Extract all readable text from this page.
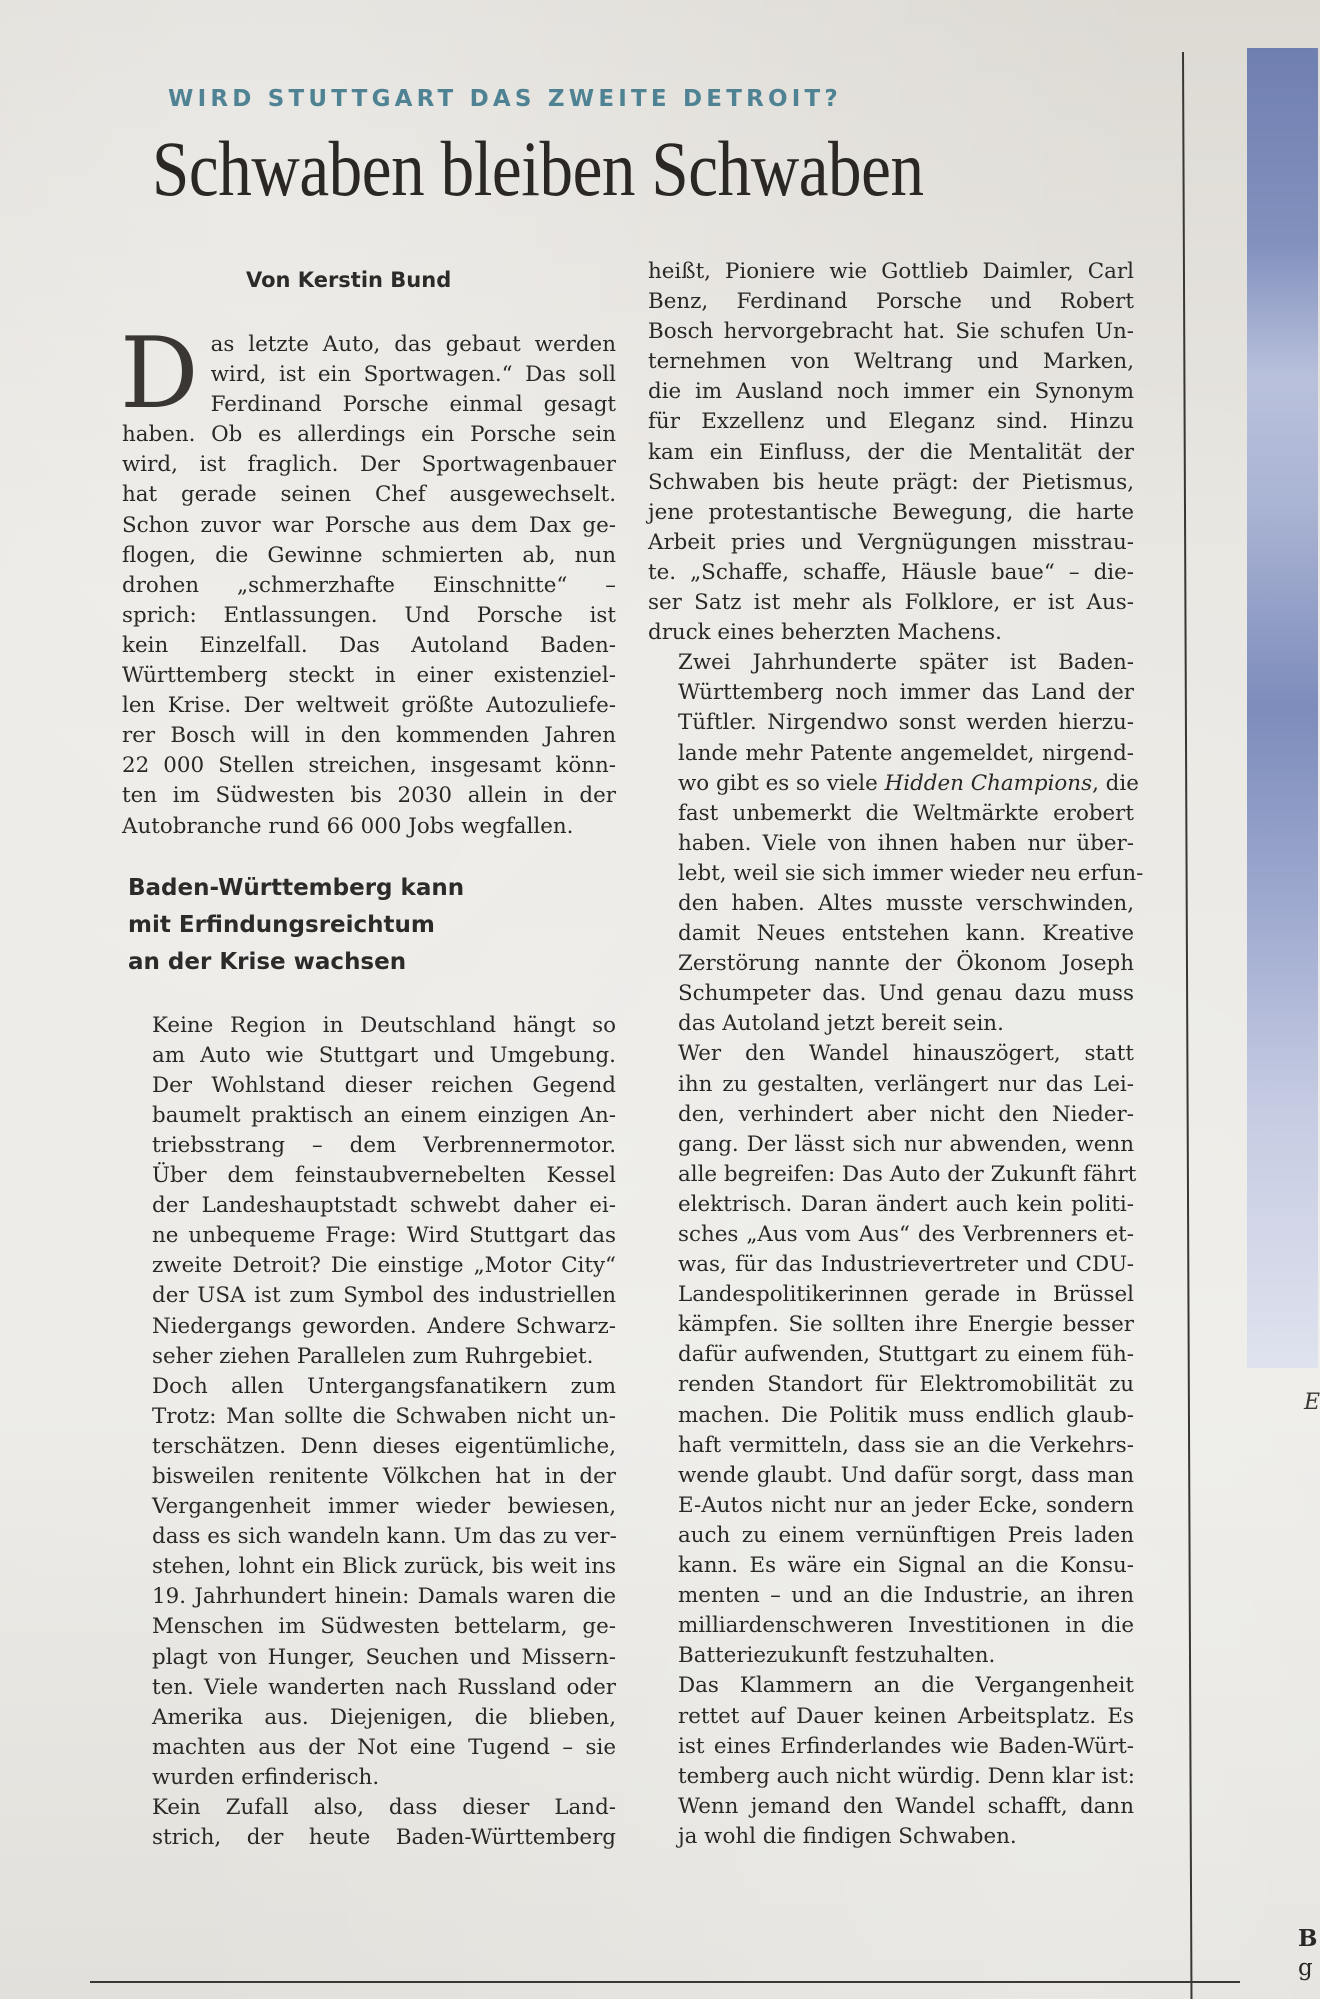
WIRD STUTTGART DAS ZWEITE DETROIT?
Schwaben bleiben Schwaben
Von Kerstin Bund

D as letzte Auto, das gebaut werden
wird, ist ein Sportwagen.“ Das soll
Ferdinand Porsche einmal gesagt
haben. Ob es allerdings ein Porsche sein
wird, ist fraglich. Der Sportwagenbauer
hat gerade seinen Chef ausgewechselt.
Schon zuvor war Porsche aus dem Dax ge-
flogen, die Gewinne schmierten ab, nun
drohen „schmerzhafte Einschnitte“ –
sprich: Entlassungen. Und Porsche ist
kein Einzelfall. Das Autoland Baden-
Württemberg steckt in einer existenziel-
len Krise. Der weltweit größte Autozuliefe-
rer Bosch will in den kommenden Jahren
22 000 Stellen streichen, insgesamt könn-
ten im Südwesten bis 2030 allein in der
Autobranche rund 66 000 Jobs wegfallen.

Baden-Württemberg kann
mit Erfindungsreichtum
an der Krise wachsen

Keine Region in Deutschland hängt so
am Auto wie Stuttgart und Umgebung.
Der Wohlstand dieser reichen Gegend
baumelt praktisch an einem einzigen An-
triebsstrang – dem Verbrennermotor.
Über dem feinstaubvernebelten Kessel
der Landeshauptstadt schwebt daher ei-
ne unbequeme Frage: Wird Stuttgart das
zweite Detroit? Die einstige „Motor City“
der USA ist zum Symbol des industriellen
Niedergangs geworden. Andere Schwarz-
seher ziehen Parallelen zum Ruhrgebiet.

Doch allen Untergangsfanatikern zum
Trotz: Man sollte die Schwaben nicht un-
terschätzen. Denn dieses eigentümliche,
bisweilen renitente Völkchen hat in der
Vergangenheit immer wieder bewiesen,
dass es sich wandeln kann. Um das zu ver-
stehen, lohnt ein Blick zurück, bis weit ins
19. Jahrhundert hinein: Damals waren die
Menschen im Südwesten bettelarm, ge-
plagt von Hunger, Seuchen und Missern-
ten. Viele wanderten nach Russland oder
Amerika aus. Diejenigen, die blieben,
machten aus der Not eine Tugend – sie
wurden erfinderisch.

Kein Zufall also, dass dieser Land-
strich, der heute Baden-Württemberg

heißt, Pioniere wie Gottlieb Daimler, Carl
Benz, Ferdinand Porsche und Robert
Bosch hervorgebracht hat. Sie schufen Un-
ternehmen von Weltrang und Marken,
die im Ausland noch immer ein Synonym
für Exzellenz und Eleganz sind. Hinzu
kam ein Einfluss, der die Mentalität der
Schwaben bis heute prägt: der Pietismus,
jene protestantische Bewegung, die harte
Arbeit pries und Vergnügungen misstrau-
te. „Schaffe, schaffe, Häusle baue“ – die-
ser Satz ist mehr als Folklore, er ist Aus-
druck eines beherzten Machens.

Zwei Jahrhunderte später ist Baden-
Württemberg noch immer das Land der
Tüftler. Nirgendwo sonst werden hierzu-
lande mehr Patente angemeldet, nirgend-
wo gibt es so viele Hidden Champions, die
fast unbemerkt die Weltmärkte erobert
haben. Viele von ihnen haben nur über-
lebt, weil sie sich immer wieder neu erfun-
den haben. Altes musste verschwinden,
damit Neues entstehen kann. Kreative
Zerstörung nannte der Ökonom Joseph
Schumpeter das. Und genau dazu muss
das Autoland jetzt bereit sein.

Wer den Wandel hinauszögert, statt
ihn zu gestalten, verlängert nur das Lei-
den, verhindert aber nicht den Nieder-
gang. Der lässt sich nur abwenden, wenn
alle begreifen: Das Auto der Zukunft fährt
elektrisch. Daran ändert auch kein politi-
sches „Aus vom Aus“ des Verbrenners et-
was, für das Industrievertreter und CDU-
Landespolitikerinnen gerade in Brüssel
kämpfen. Sie sollten ihre Energie besser
dafür aufwenden, Stuttgart zu einem füh-
renden Standort für Elektromobilität zu
machen. Die Politik muss endlich glaub-
haft vermitteln, dass sie an die Verkehrs-
wende glaubt. Und dafür sorgt, dass man
E-Autos nicht nur an jeder Ecke, sondern
auch zu einem vernünftigen Preis laden
kann. Es wäre ein Signal an die Konsu-
menten – und an die Industrie, an ihren
milliardenschweren Investitionen in die
Batteriezukunft festzuhalten.

Das Klammern an die Vergangenheit
rettet auf Dauer keinen Arbeitsplatz. Es
ist eines Erfinderlandes wie Baden-Würt-
temberg auch nicht würdig. Denn klar ist:
Wenn jemand den Wandel schafft, dann
ja wohl die findigen Schwaben.

E
B
g
